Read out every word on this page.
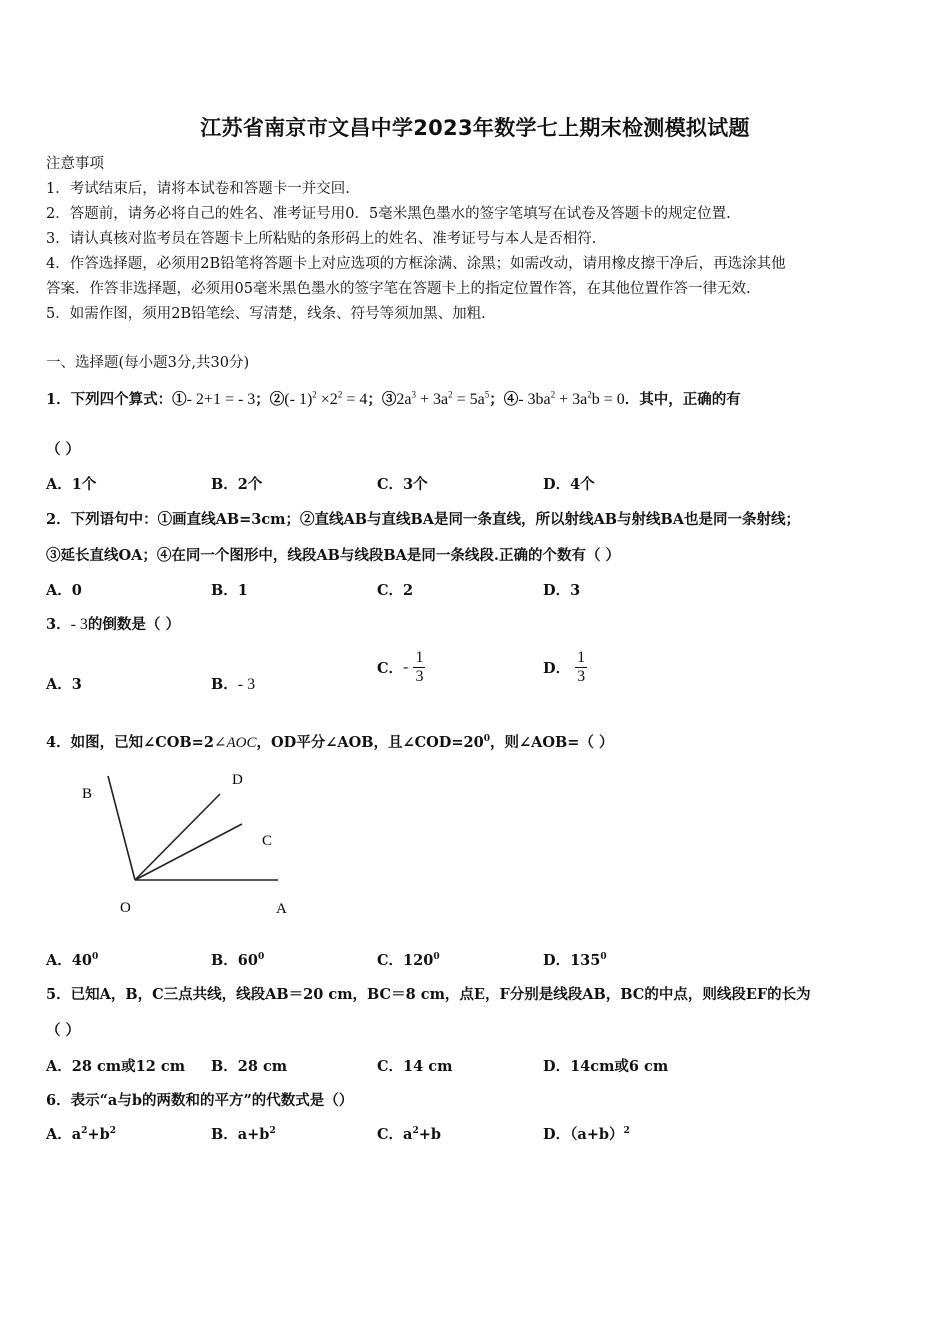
江苏省南京市文昌中学2023年数学七上期末检测模拟试题
注意事项
1．考试结束后，请将本试卷和答题卡一并交回.
2．答题前，请务必将自己的姓名、准考证号用0．5毫米黑色墨水的签字笔填写在试卷及答题卡的规定位置.
3．请认真核对监考员在答题卡上所粘贴的条形码上的姓名、准考证号与本人是否相符.
4．作答选择题，必须用2B铅笔将答题卡上对应选项的方框涂满、涂黑；如需改动，请用橡皮擦干净后，再选涂其他
答案．作答非选择题，必须用05毫米黑色墨水的签字笔在答题卡上的指定位置作答，在其他位置作答一律无效.
5．如需作图，须用2B铅笔绘、写清楚，线条、符号等须加黑、加粗.
一、选择题(每小题3分,共30分)
1．下列四个算式：①- 2+1 = - 3；②(- $1)^2 \times 2^2 = 4$；$③2a^3 + 3a^2 = 5a^5$；④- $3ba^2 + 3a^2b = 0$．其中，正确的有
（ ）
A．1个	B．2个	C．3个	D．4个
2．下列语句中：①画直线AB=3cm；②直线AB与直线BA是同一条直线，所以射线AB与射线BA也是同一条射线；
③延长直线OA；④在同一个图形中，线段AB与线段BA是同一条线段.正确的个数有（ ）
A．0	B．1	C．2	D．3
3．- 3的倒数是（ ）
A．3	B．- 3
C．- $\frac{1}{3}$	D． $\frac{1}{3}$
4．如图，已知∠COB=2∠AOC，OD平分∠AOB，且$\angle COD=20^0$，则∠AOB=（ ）
B
D
C
O	A
A．$40^0$	B．$60^0$	C．$120^0$	D．$135^0$
5．已知A，B，C三点共线，线段AB＝20 cm，BC＝8 cm，点E，F分别是线段AB，BC的中点，则线段EF的长为
（ ）
A．28 cm或12 cm B．28 cm	C．14 cm	D．14cm或6 cm
6．表示“a与b的两数和的平方”的代数式是（）
A．$a^2+b^2$	B．$a+b^2$	C．$a^2+b$	D．$(a+b)^2$
